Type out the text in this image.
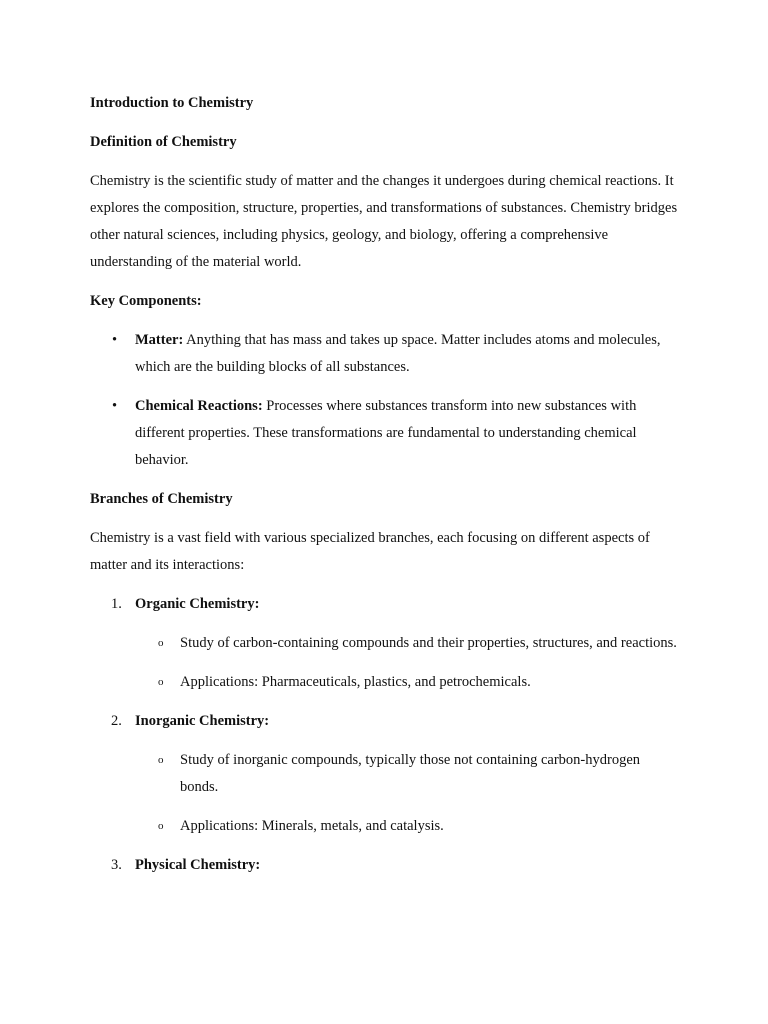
Introduction to Chemistry
Definition of Chemistry

Chemistry is the scientific study of matter and the changes it undergoes during chemical reactions. It explores the composition, structure, properties, and transformations of substances. Chemistry bridges other natural sciences, including physics, geology, and biology, offering a comprehensive understanding of the material world.

Key Components:
• Matter: Anything that has mass and takes up space. Matter includes atoms and molecules, which are the building blocks of all substances.
• Chemical Reactions: Processes where substances transform into new substances with different properties. These transformations are fundamental to understanding chemical behavior.
Branches of Chemistry

Chemistry is a vast field with various specialized branches, each focusing on different aspects of matter and its interactions:

1. Organic Chemistry:
o Study of carbon-containing compounds and their properties, structures, and reactions.
o Applications: Pharmaceuticals, plastics, and petrochemicals.
2. Inorganic Chemistry:
o Study of inorganic compounds, typically those not containing carbon-hydrogen bonds.
o Applications: Minerals, metals, and catalysis.
3. Physical Chemistry:
